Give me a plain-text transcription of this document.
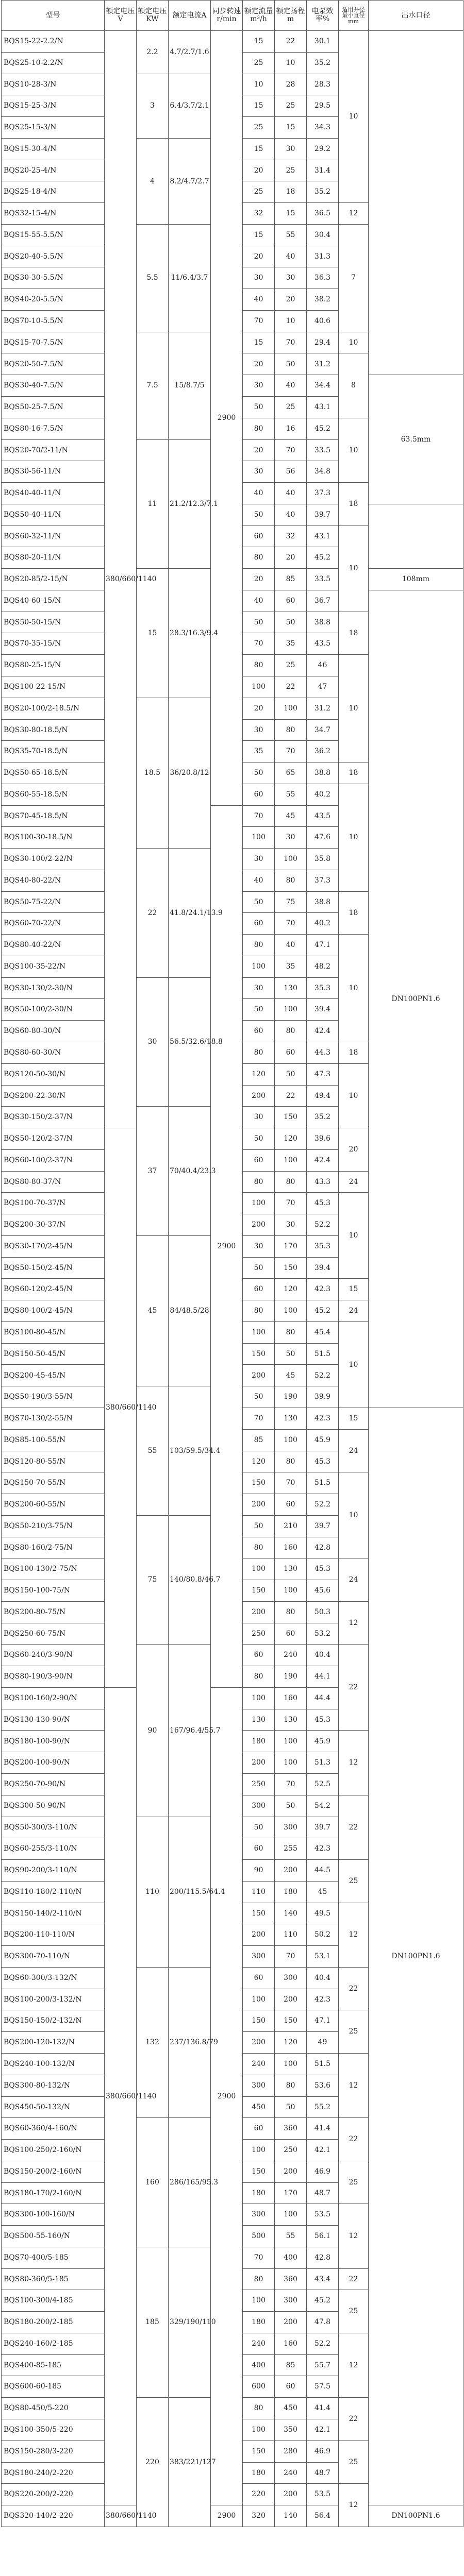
型号	额定电压V	额定电压KW	额定电流A	同步转速r/min	额定流量m³/h	额定扬程m	电泵效率%	适用井径最小直径mm	出水口径
BQS15-22-2.2/N	380/660/1140	2.2	4.7/2.7/1.6	2900	15	22	30.1	10	
BQS25-10-2.2/N					25	10	35.2		
BQS10-28-3/N		3	6.4/3.7/2.1		10	28	28.3		
BQS15-25-3/N					15	25	29.5		
BQS25-15-3/N					25	15	34.3		
BQS15-30-4/N		4	8.2/4.7/2.7		15	30	29.2		
BQS20-25-4/N					20	25	31.4		
BQS25-18-4/N					25	18	35.2		
BQS32-15-4/N					32	15	36.5	12	
BQS15-55-5.5/N		5.5	11/6.4/3.7		15	55	30.4	7	
BQS20-40-5.5/N					20	40	31.3		
BQS30-30-5.5/N					30	30	36.3		
BQS40-20-5.5/N					40	20	38.2		
BQS70-10-5.5/N					70	10	40.6		
BQS15-70-7.5/N		7.5	15/8.7/5		15	70	29.4	10	
BQS20-50-7.5/N					20	50	31.2	8	
BQS30-40-7.5/N					30	40	34.4		63.5mm
BQS50-25-7.5/N					50	25	43.1		
BQS80-16-7.5/N					80	16	45.2	10	
BQS20-70/2-11/N		11	21.2/12.3/7.1		20	70	33.5		
BQS30-56-11/N					30	56	34.8		
BQS40-40-11/N					40	40	37.3	18	
BQS50-40-11/N					50	40	39.7		
BQS60-32-11/N					60	32	43.1	10	
BQS80-20-11/N					80	20	45.2		
BQS20-85/2-15/N		15	28.3/16.3/9.4		20	85	33.5		108mm
BQS40-60-15/N					40	60	36.7		DN100PN1.6
BQS50-50-15/N					50	50	38.8	18	
BQS70-35-15/N					70	35	43.5		
BQS80-25-15/N					80	25	46	10	
BQS100-22-15/N					100	22	47		
BQS20-100/2-18.5/N		18.5	36/20.8/12		20	100	31.2		
BQS30-80-18.5/N					30	80	34.7		
BQS35-70-18.5/N					35	70	36.2		
BQS50-65-18.5/N					50	65	38.8	18	
BQS60-55-18.5/N					60	55	40.2	10	
BQS70-45-18.5/N				2900	70	45	43.5		
BQS100-30-18.5/N					100	30	47.6		
BQS30-100/2-22/N		22	41.8/24.1/13.9		30	100	35.8		
BQS40-80-22/N					40	80	37.3		
BQS50-75-22/N					50	75	38.8	18	
BQS60-70-22/N					60	70	40.2		
BQS80-40-22/N					80	40	47.1	10	
BQS100-35-22/N					100	35	48.2		
BQS30-130/2-30/N		30	56.5/32.6/18.8		30	130	35.3		
BQS50-100/2-30/N					50	100	39.4		
BQS60-80-30/N					60	80	42.4		
BQS80-60-30/N					80	60	44.3	18	
BQS120-50-30/N					120	50	47.3	10	
BQS200-22-30/N					200	22	49.4		
BQS30-150/2-37/N		37	70/40.4/23.3		30	150	35.2		
BQS50-120/2-37/N	380/660/1140				50	120	39.6	20	
BQS60-100/2-37/N					60	100	42.4		
BQS80-80-37/N					80	80	43.3	24	
BQS100-70-37/N					100	70	45.3	10	
BQS200-30-37/N					200	30	52.2		
BQS30-170/2-45/N		45	84/48.5/28		30	170	35.3		
BQS50-150/2-45/N					50	150	39.4		
BQS60-120/2-45/N					60	120	42.3	15	
BQS80-100/2-45/N					80	100	45.2	24	
BQS100-80-45/N					100	80	45.4	10	
BQS150-50-45/N					150	50	51.5		
BQS200-45-45/N					200	45	52.2		
BQS50-190/3-55/N		55	103/59.5/34.4		50	190	39.9		
BQS70-130/2-55/N					70	130	42.3	15	DN100PN1.6
BQS85-100-55/N					85	100	45.9	24	
BQS120-80-55/N					120	80	45.3		
BQS150-70-55/N					150	70	51.5	10	
BQS200-60-55/N					200	60	52.2		
BQS50-210/3-75/N		75	140/80.8/46.7		50	210	39.7		
BQS80-160/2-75/N					80	160	42.8		
BQS100-130/2-75/N					100	130	45.3	24	
BQS150-100-75/N					150	100	45.6		
BQS200-80-75/N					200	80	50.3	12	
BQS250-60-75/N					250	60	53.2		
BQS60-240/3-90/N		90	167/96.4/55.7		60	240	40.4	22	
BQS80-190/3-90/N					80	190	44.1		
BQS100-160/2-90/N	380/660/1140			2900	100	160	44.4		
BQS130-130-90/N					130	130	45.3		
BQS180-100-90/N					180	100	45.9	12	
BQS200-100-90/N					200	100	51.3		
BQS250-70-90/N					250	70	52.5		
BQS300-50-90/N					300	50	54.2	22	
BQS50-300/3-110/N		110	200/115.5/64.4		50	300	39.7		
BQS60-255/3-110/N					60	255	42.3		
BQS90-200/3-110/N					90	200	44.5	25	
BQS110-180/2-110/N					110	180	45		
BQS150-140/2-110/N					150	140	49.5	12	
BQS200-110-110/N					200	110	50.2		
BQS300-70-110/N					300	70	53.1		
BQS60-300/3-132/N		132	237/136.8/79		60	300	40.4	22	
BQS100-200/3-132/N					100	200	42.3		
BQS150-150/2-132/N					150	150	47.1	25	
BQS200-120-132/N					200	120	49		
BQS240-100-132/N					240	100	51.5	12	
BQS300-80-132/N					300	80	53.6		
BQS450-50-132/N					450	50	55.2		
BQS60-360/4-160/N		160	286/165/95.3		60	360	41.4	22	
BQS100-250/2-160/N					100	250	42.1		
BQS150-200/2-160/N					150	200	46.9	25	
BQS180-170/2-160/N					180	170	48.7		
BQS300-100-160/N					300	100	53.5	12	
BQS500-55-160/N					500	55	56.1		
BQS70-400/5-185		185	329/190/110		70	400	42.8		
BQS80-360/5-185					80	360	43.4	22	
BQS100-300/4-185					100	300	45.2	25	
BQS180-200/2-185					180	200	47.8		
BQS240-160/2-185					240	160	52.2	12	
BQS400-85-185					400	85	55.7		
BQS600-60-185					600	60	57.5		
BQS80-450/5-220		220	383/221/127		80	450	41.4	22	
BQS100-350/5-220					100	350	42.1		
BQS150-280/3-220					150	280	46.9	25	
BQS180-240/2-220					180	240	48.7		
BQS220-200/2-220					220	200	53.5	12	
BQS320-140/2-220	380/660/1140			2900	320	140	56.4		DN100PN1.6
